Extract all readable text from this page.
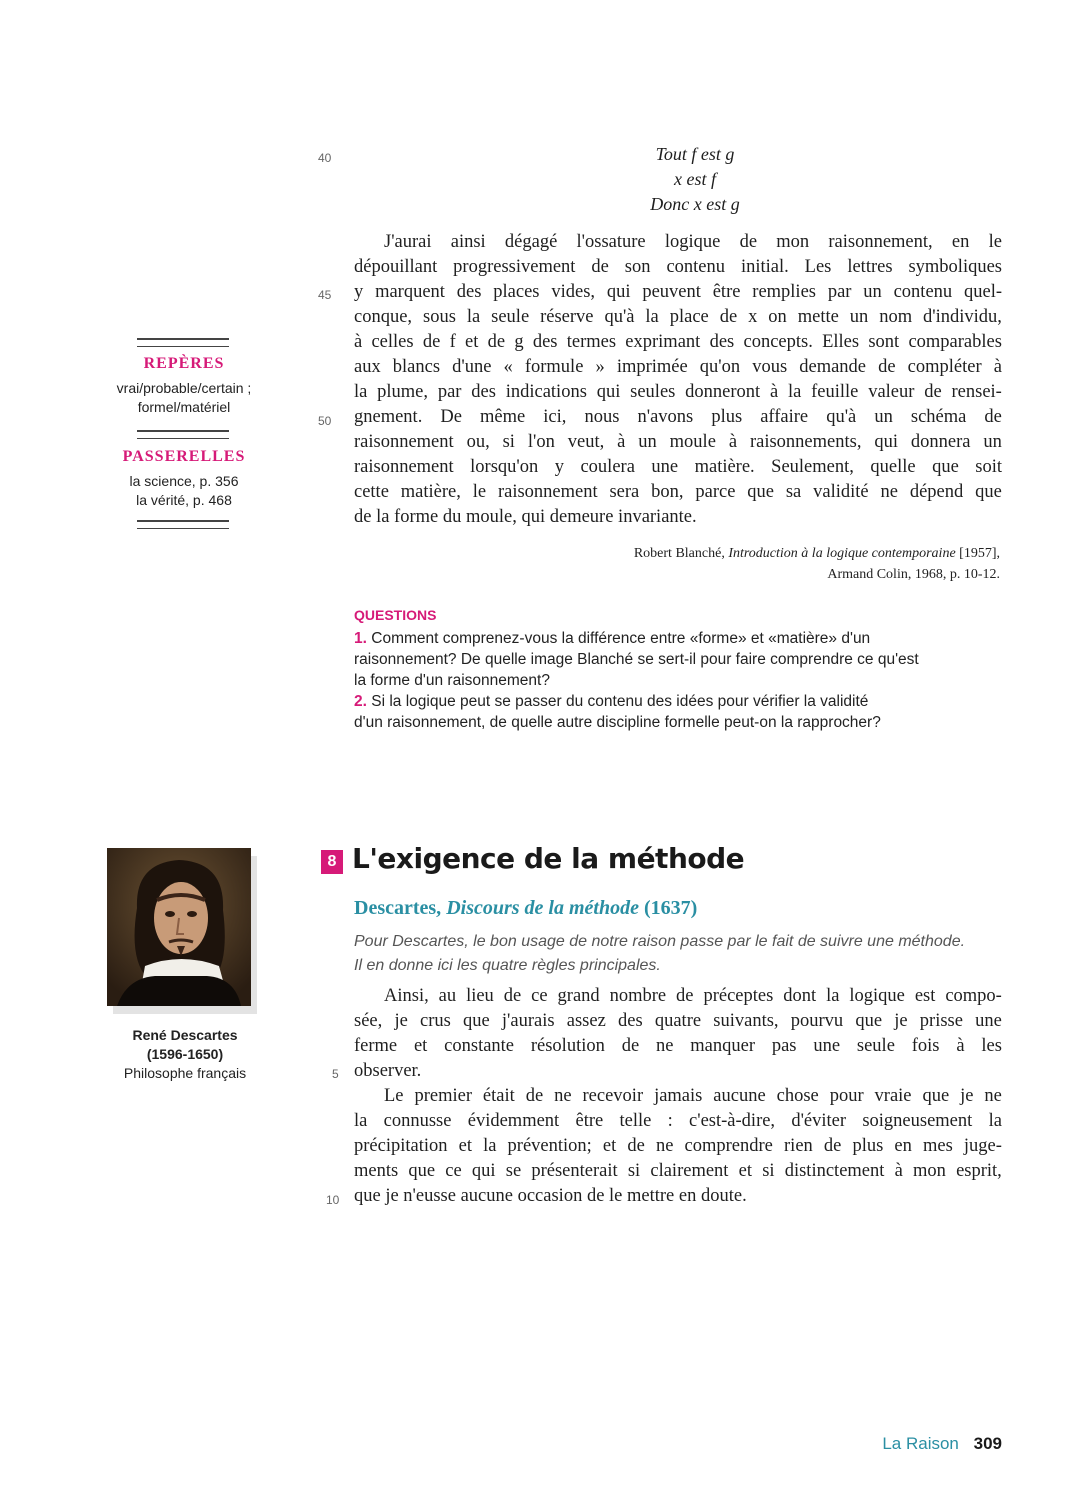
40
45
50
5
10
Tout f est g
x est f
Donc x est g
J'aurai ainsi dégagé l'ossature logique de mon raisonnement, en le
dépouillant progressivement de son contenu initial. Les lettres symboliques
y marquent des places vides, qui peuvent être remplies par un contenu quel-
conque, sous la seule réserve qu'à la place de x on mette un nom d'individu,
à celles de f et de g des termes exprimant des concepts. Elles sont comparables
aux blancs d'une « formule » imprimée qu'on vous demande de compléter à
la plume, par des indications qui seules donneront à la feuille valeur de rensei-
gnement. De même ici, nous n'avons plus affaire qu'à un schéma de
raisonnement ou, si l'on veut, à un moule à raisonnements, qui donnera un
raisonnement lorsqu'on y coulera une matière. Seulement, quelle que soit
cette matière, le raisonnement sera bon, parce que sa validité ne dépend que
de la forme du moule, qui demeure invariante.
Robert Blanché, Introduction à la logique contemporaine [1957],
Armand Colin, 1968, p. 10-12.
REPÈRES
vrai/probable/certain ;
formel/matériel
PASSERELLES
la science, p. 356
la vérité, p. 468
QUESTIONS
1. Comment comprenez-vous la différence entre «forme» et «matière» d'un
raisonnement? De quelle image Blanché se sert-il pour faire comprendre ce qu'est
la forme d'un raisonnement?
2. Si la logique peut se passer du contenu des idées pour vérifier la validité
d'un raisonnement, de quelle autre discipline formelle peut-on la rapprocher?
René Descartes
(1596-1650)
Philosophe français
8 L'exigence de la méthode
Descartes, Discours de la méthode (1637)
Pour Descartes, le bon usage de notre raison passe par le fait de suivre une méthode.
Il en donne ici les quatre règles principales.
Ainsi, au lieu de ce grand nombre de préceptes dont la logique est compo-
sée, je crus que j'aurais assez des quatre suivants, pourvu que je prisse une
ferme et constante résolution de ne manquer pas une seule fois à les
observer.
Le premier était de ne recevoir jamais aucune chose pour vraie que je ne
la connusse évidemment être telle : c'est-à-dire, d'éviter soigneusement la
précipitation et la prévention; et de ne comprendre rien de plus en mes juge-
ments que ce qui se présenterait si clairement et si distinctement à mon esprit,
que je n'eusse aucune occasion de le mettre en doute.
La Raison 309
